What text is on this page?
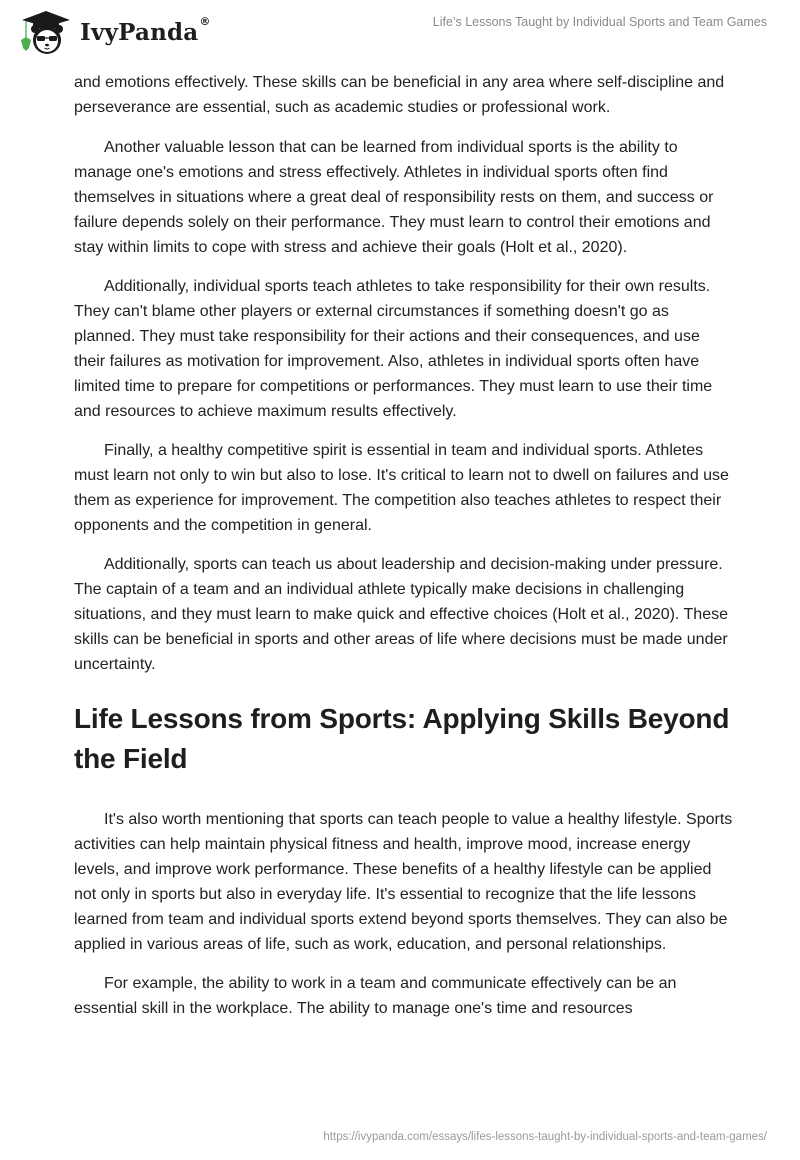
IvyPanda®	Life’s Lessons Taught by Individual Sports and Team Games

and emotions effectively. These skills can be beneficial in any area where self-discipline and perseverance are essential, such as academic studies or professional work.

Another valuable lesson that can be learned from individual sports is the ability to manage one's emotions and stress effectively. Athletes in individual sports often find themselves in situations where a great deal of responsibility rests on them, and success or failure depends solely on their performance. They must learn to control their emotions and stay within limits to cope with stress and achieve their goals (Holt et al., 2020).

Additionally, individual sports teach athletes to take responsibility for their own results. They can't blame other players or external circumstances if something doesn't go as planned. They must take responsibility for their actions and their consequences, and use their failures as motivation for improvement. Also, athletes in individual sports often have limited time to prepare for competitions or performances. They must learn to use their time and resources to achieve maximum results effectively.

Finally, a healthy competitive spirit is essential in team and individual sports. Athletes must learn not only to win but also to lose. It's critical to learn not to dwell on failures and use them as experience for improvement. The competition also teaches athletes to respect their opponents and the competition in general.

Additionally, sports can teach us about leadership and decision-making under pressure. The captain of a team and an individual athlete typically make decisions in challenging situations, and they must learn to make quick and effective choices (Holt et al., 2020). These skills can be beneficial in sports and other areas of life where decisions must be made under uncertainty.

Life Lessons from Sports: Applying Skills Beyond the Field

It's also worth mentioning that sports can teach people to value a healthy lifestyle. Sports activities can help maintain physical fitness and health, improve mood, increase energy levels, and improve work performance. These benefits of a healthy lifestyle can be applied not only in sports but also in everyday life. It's essential to recognize that the life lessons learned from team and individual sports extend beyond sports themselves. They can also be applied in various areas of life, such as work, education, and personal relationships.

For example, the ability to work in a team and communicate effectively can be an essential skill in the workplace. The ability to manage one's time and resources

https://ivypanda.com/essays/lifes-lessons-taught-by-individual-sports-and-team-games/
